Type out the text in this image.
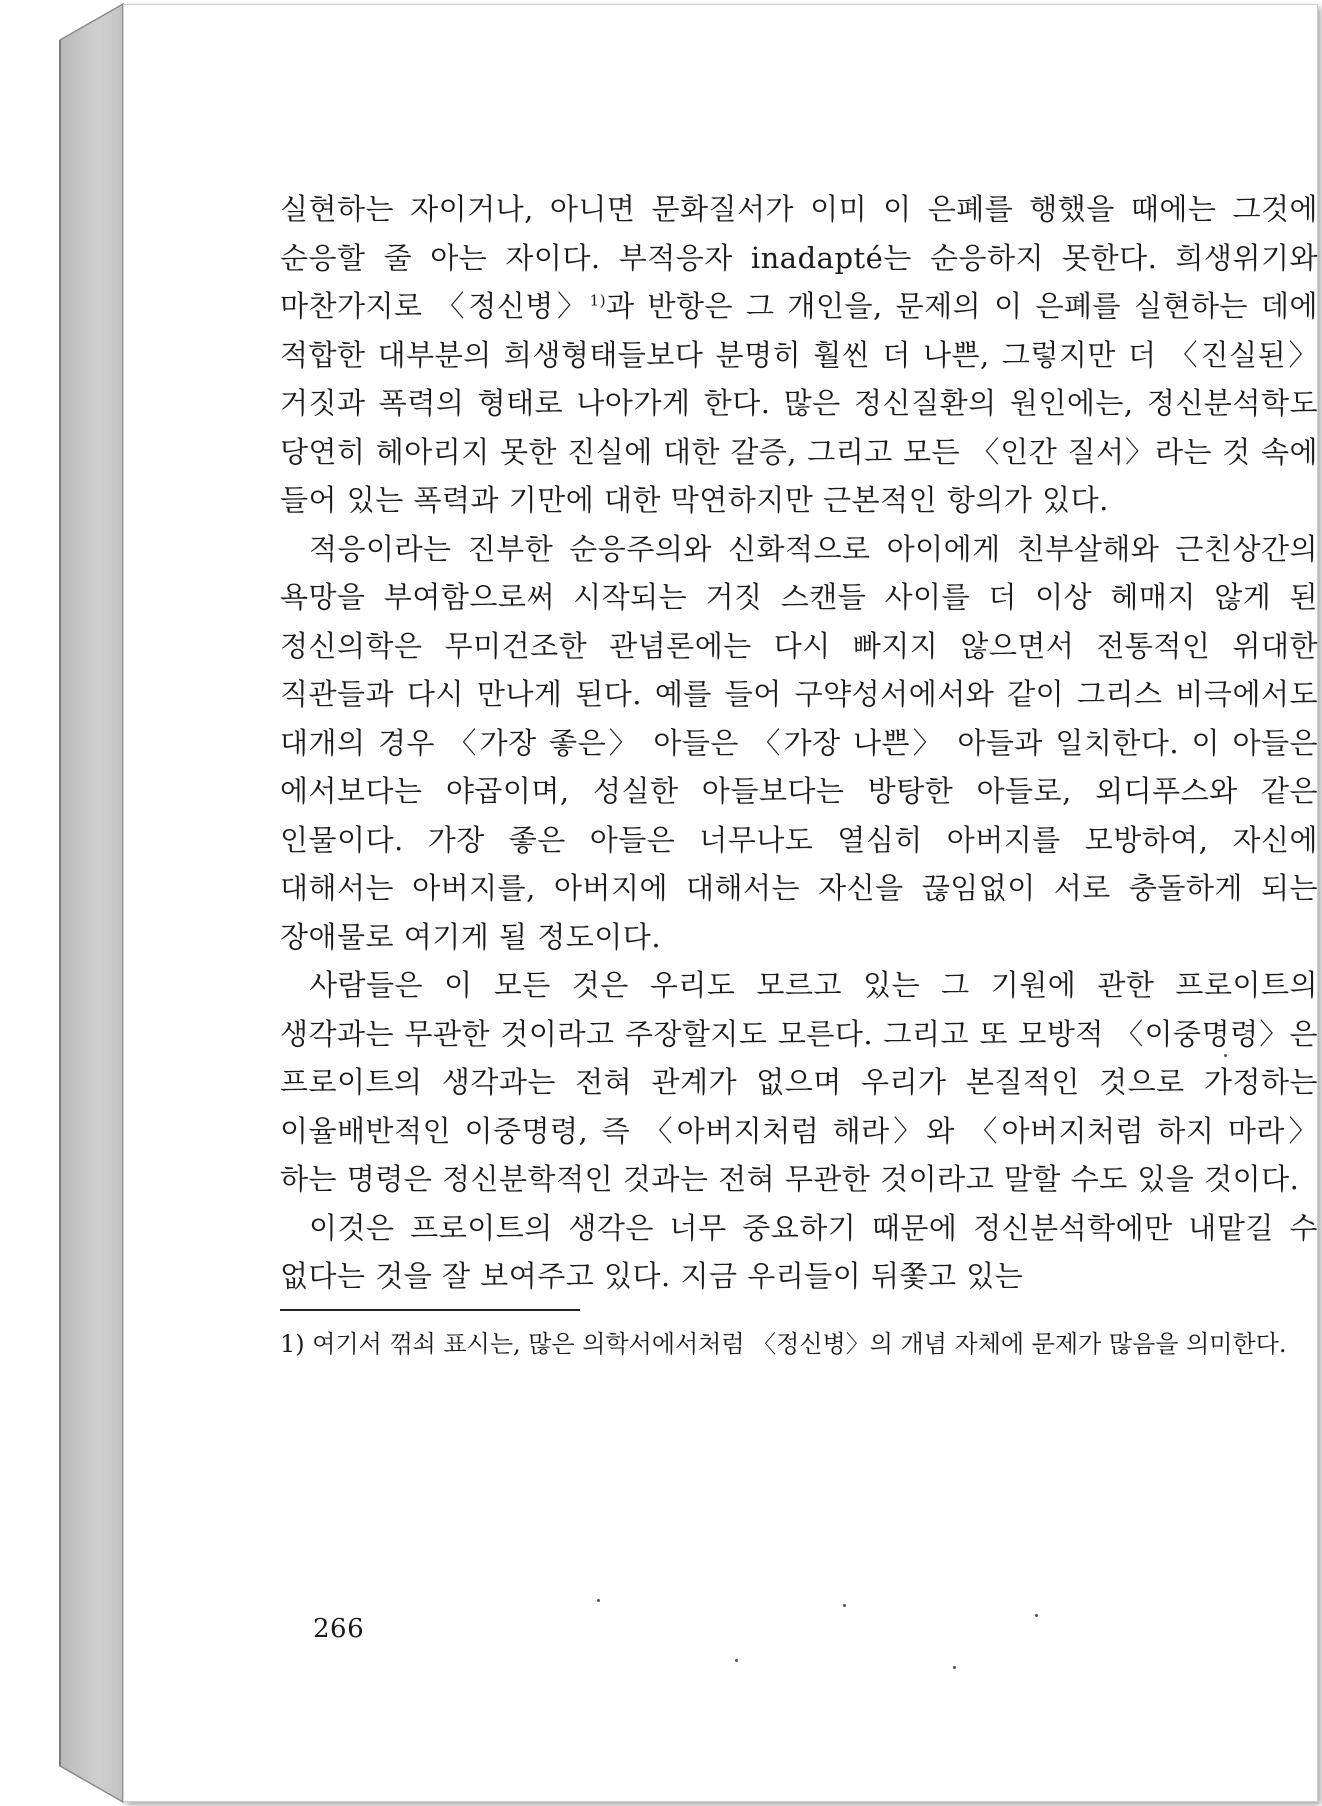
실현하는 자이거나, 아니면 문화질서가 이미 이 은폐를 행했을 때에는 그것에 순응할 줄 아는 자이다. 부적응자 inadapté는 순응하지 못한다. 희생위기와 마찬가지로 〈정신병〉$^{1)}$과 반항은 그 개인을, 문제의 이 은폐를 실현하는 데에 적합한 대부분의 희생형태들보다 분명히 훨씬 더 나쁜, 그렇지만 더 〈진실된〉 거짓과 폭력의 형태로 나아가게 한다. 많은 정신질환의 원인에는, 정신분석학도 당연히 헤아리지 못한 진실에 대한 갈증, 그리고 모든 〈인간 질서〉라는 것 속에 들어 있는 폭력과 기만에 대한 막연하지만 근본적인 항의가 있다.

적응이라는 진부한 순응주의와 신화적으로 아이에게 친부살해와 근친상간의 욕망을 부여함으로써 시작되는 거짓 스캔들 사이를 더 이상 헤매지 않게 된 정신의학은 무미건조한 관념론에는 다시 빠지지 않으면서 전통적인 위대한 직관들과 다시 만나게 된다. 예를 들어 구약성서에서와 같이 그리스 비극에서도 대개의 경우 〈가장 좋은〉 아들은 〈가장 나쁜〉 아들과 일치한다. 이 아들은 에서보다는 야곱이며, 성실한 아들보다는 방탕한 아들로, 외디푸스와 같은 인물이다. 가장 좋은 아들은 너무나도 열심히 아버지를 모방하여, 자신에 대해서는 아버지를, 아버지에 대해서는 자신을 끊임없이 서로 충돌하게 되는 장애물로 여기게 될 정도이다.

사람들은 이 모든 것은 우리도 모르고 있는 그 기원에 관한 프로이트의 생각과는 무관한 것이라고 주장할지도 모른다. 그리고 또 모방적 〈이중명령〉은 프로이트의 생각과는 전혀 관계가 없으며 우리가 본질적인 것으로 가정하는 이율배반적인 이중명령, 즉 〈아버지처럼 해라〉와 〈아버지처럼 하지 마라〉 하는 명령은 정신분학적인 것과는 전혀 무관한 것이라고 말할 수도 있을 것이다.

이것은 프로이트의 생각은 너무 중요하기 때문에 정신분석학에만 내맡길 수 없다는 것을 잘 보여주고 있다. 지금 우리들이 뒤쫓고 있는

1) 여기서 꺾쇠 표시는, 많은 의학서에서처럼 〈정신병〉의 개념 자체에 문제가 많음을 의미한다.

266
